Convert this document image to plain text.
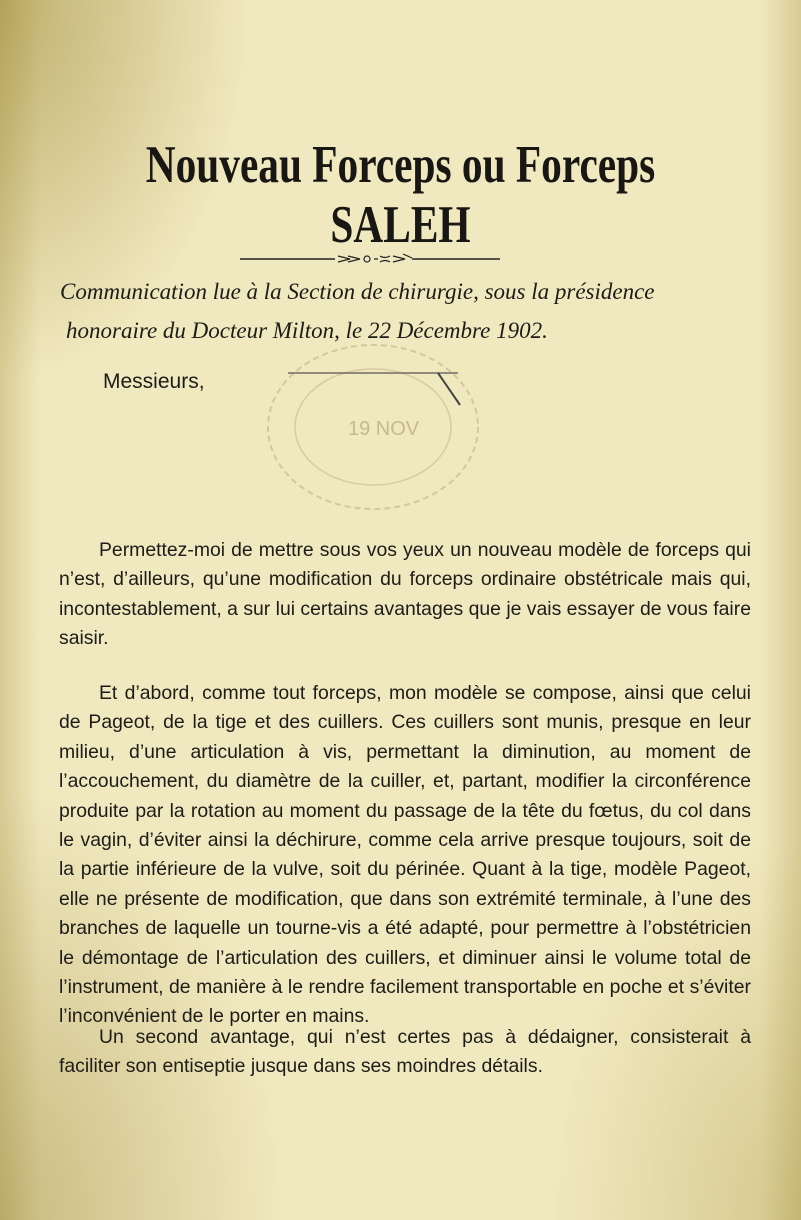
Nouveau Forceps ou Forceps SALEH
Communication lue à la Section de chirurgie, sous la présidence
honoraire du Docteur Milton, le 22 Décembre 1902.
19 NOV
Messieurs,

Permettez-moi de mettre sous vos yeux un nouveau modèle de forceps qui n’est, d’ailleurs, qu’une modification du forceps ordinaire obstétricale mais qui, incontestablement, a sur lui certains avantages que je vais essayer de vous faire saisir.

Et d’abord, comme tout forceps, mon modèle se compose, ainsi que celui de Pageot, de la tige et des cuillers. Ces cuillers sont munis, presque en leur milieu, d’une articulation à vis, permettant la diminution, au moment de l’accouchement, du diamètre de la cuiller, et, partant, modifier la circonférence produite par la rotation au moment du passage de la tête du fœtus, du col dans le vagin, d’éviter ainsi la déchirure, comme cela arrive presque toujours, soit de la partie inférieure de la vulve, soit du périnée. Quant à la tige, modèle Pageot, elle ne présente de modification, que dans son extrémité terminale, à l’une des branches de laquelle un tourne-vis a été adapté, pour permettre à l’obstétricien le démontage de l’articulation des cuillers, et diminuer ainsi le volume total de l’instrument, de manière à le rendre facilement transportable en poche et s’éviter l’inconvénient de le porter en mains.

Un second avantage, qui n’est certes pas à dédaigner, consisterait à faciliter son entiseptie jusque dans ses moindres détails.
